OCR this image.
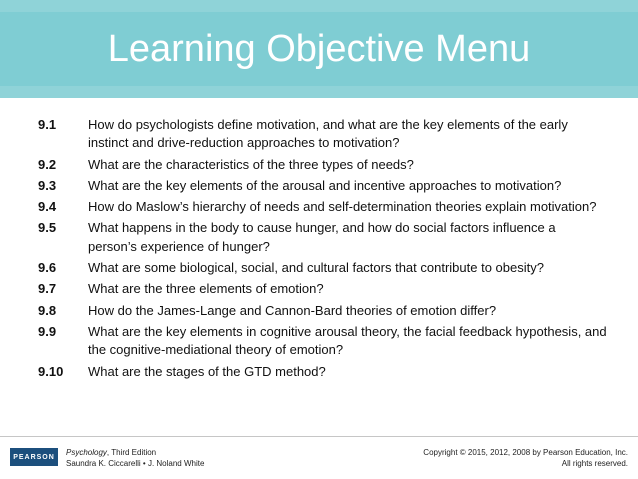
Learning Objective Menu
9.1	How do psychologists define motivation, and what are the key elements of the early instinct and drive-reduction approaches to motivation?
9.2	What are the characteristics of the three types of needs?
9.3	What are the key elements of the arousal and incentive approaches to motivation?
9.4	How do Maslow’s hierarchy of needs and self-determination theories explain motivation?
9.5	What happens in the body to cause hunger, and how do social factors influence a person’s experience of hunger?
9.6	What are some biological, social, and cultural factors that contribute to obesity?
9.7	What are the three elements of emotion?
9.8	How do the James-Lange and Cannon-Bard theories of emotion differ?
9.9	What are the key elements in cognitive arousal theory, the facial feedback hypothesis, and the cognitive-mediational theory of emotion?
9.10	What are the stages of the GTD method?
PEARSON	Psychology, Third Edition
Saundra K. Ciccarelli • J. Noland White
Copyright © 2015, 2012, 2008 by Pearson Education, Inc.
All rights reserved.
